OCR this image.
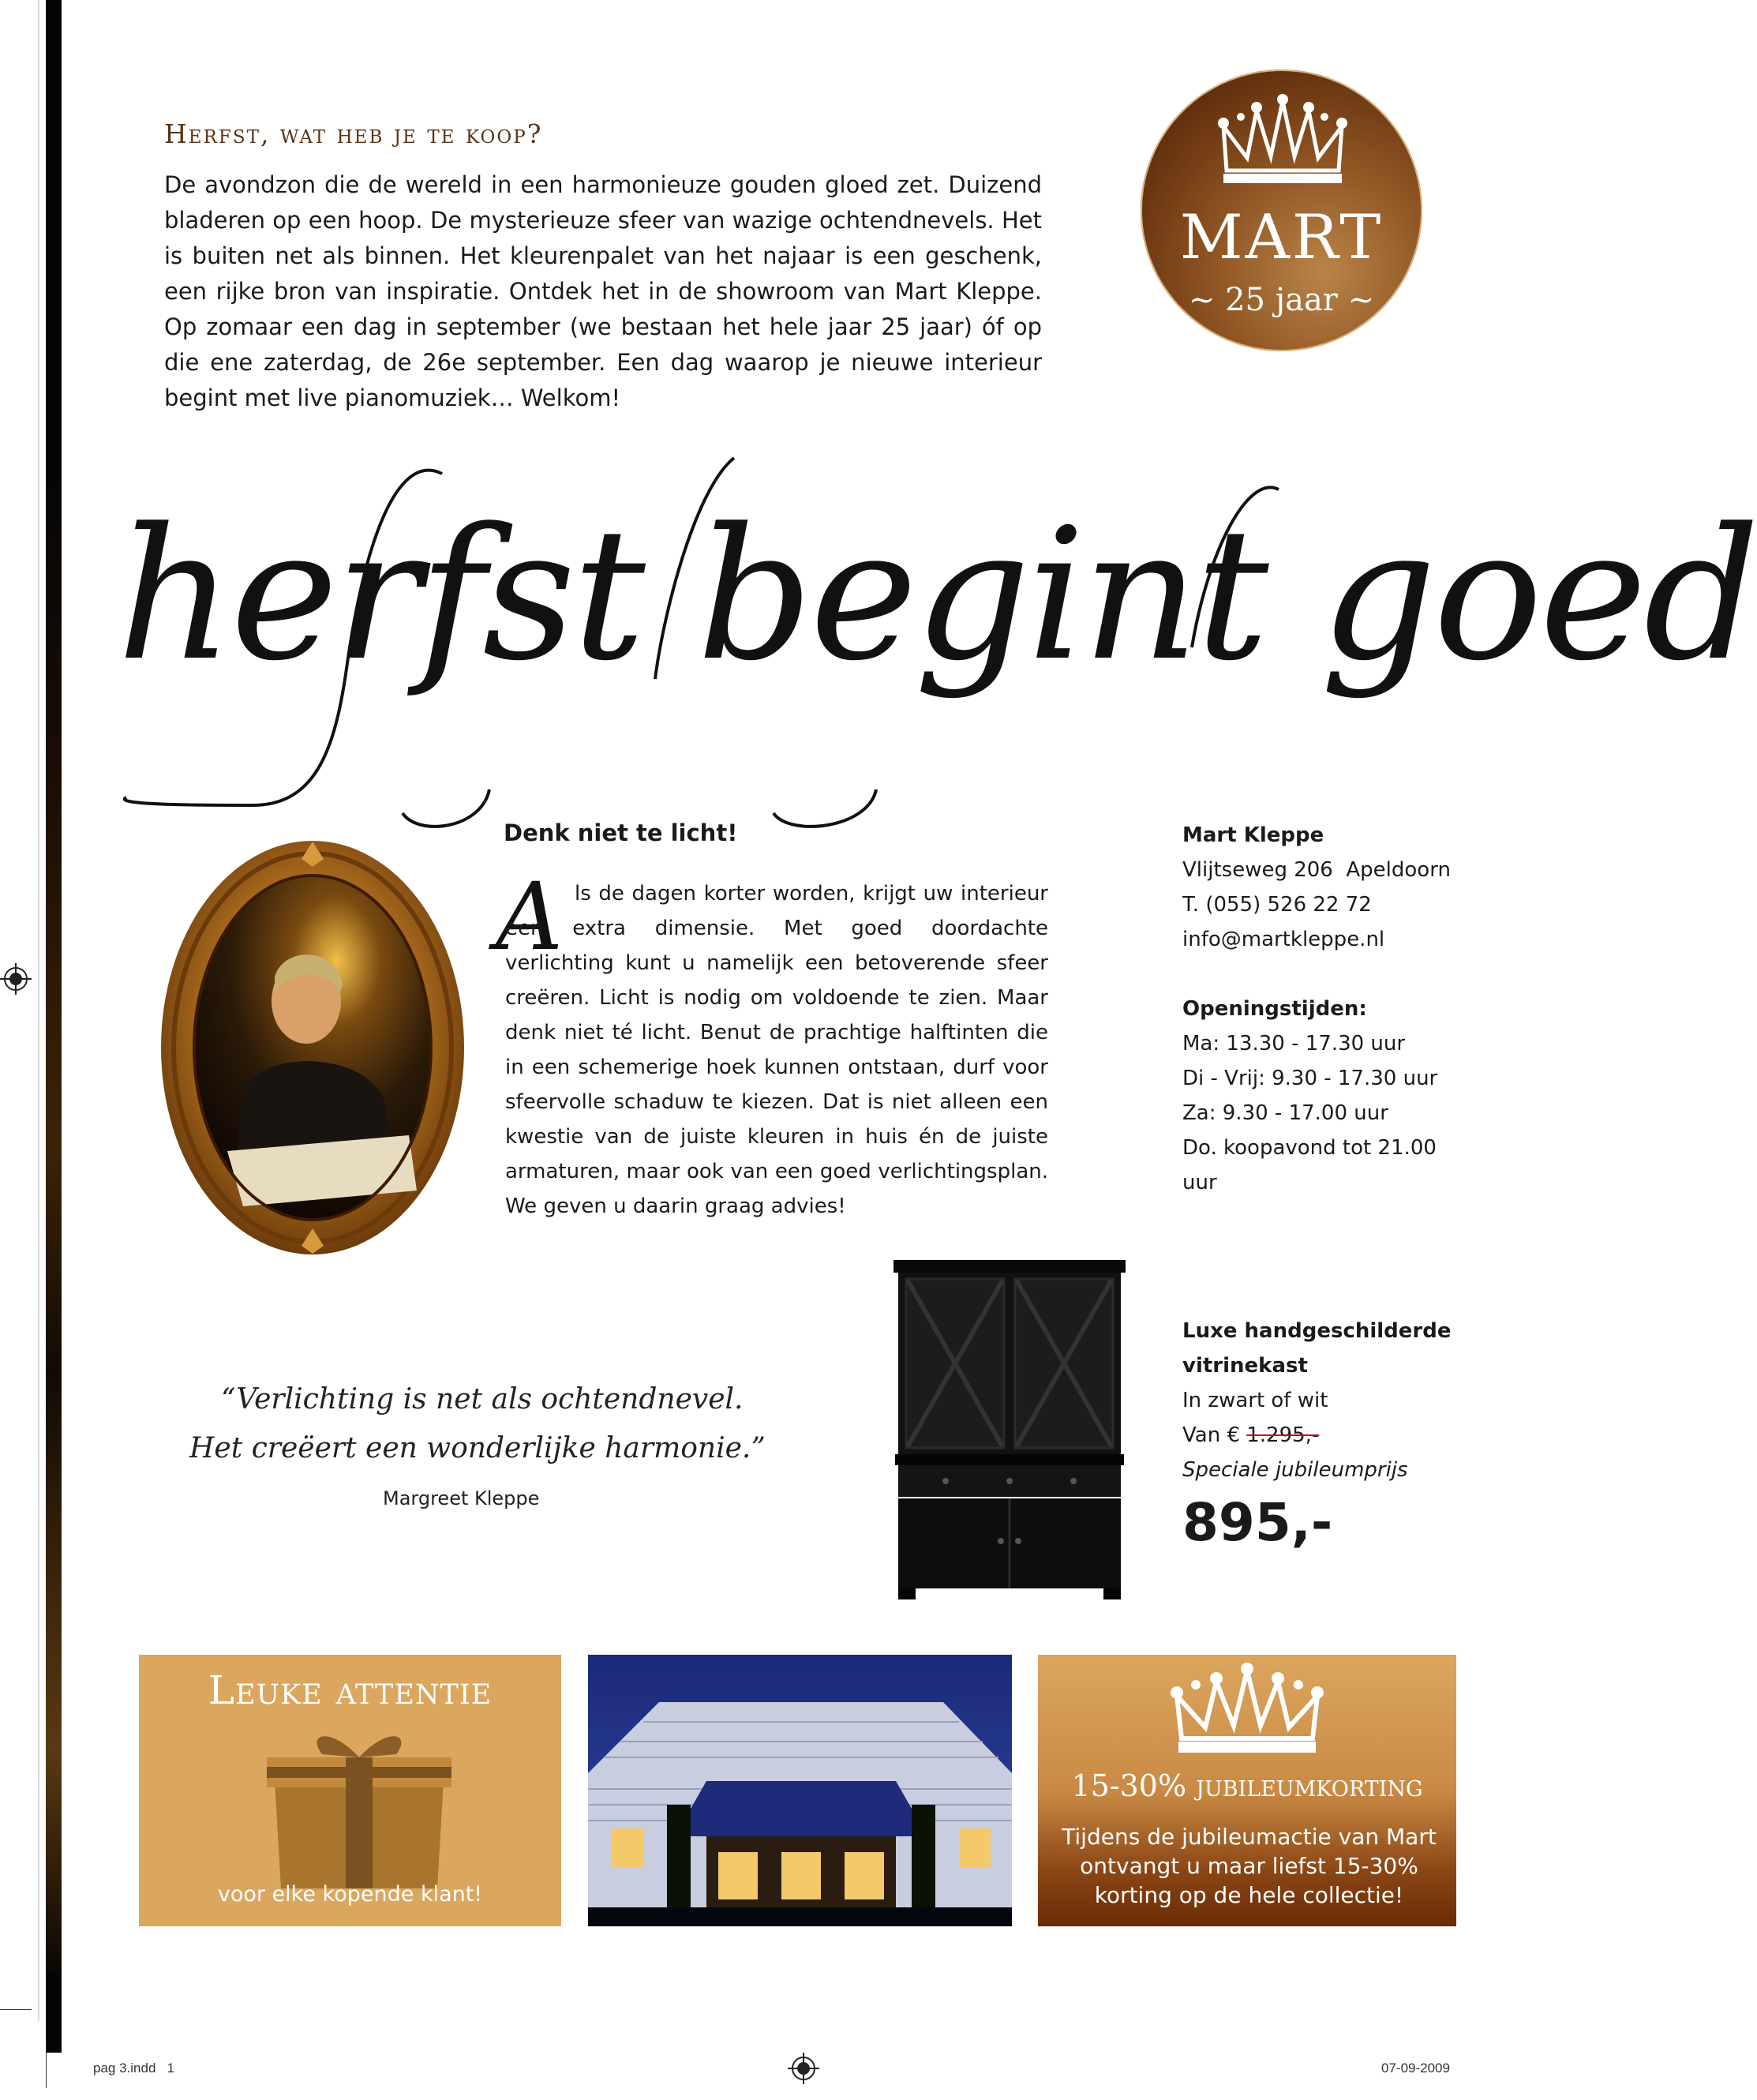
Herfst, wat heb je te koop?
De avondzon die de wereld in een harmonieuze gouden gloed zet. Duizend bladeren op een hoop. De mysterieuze sfeer van wazige ochtendnevels. Het is buiten net als binnen. Het kleurenpalet van het najaar is een geschenk, een rijke bron van inspiratie. Ontdek het in de showroom van Mart Kleppe. Op zomaar een dag in september (we bestaan het hele jaar 25 jaar) óf op die ene zaterdag, de 26e september. Een dag waarop je nieuwe interieur begint met live pianomuziek… Welkom!
MART
~ 25 jaar ~
herfst begint goed
Denk niet te licht!
A ls de dagen korter worden, krijgt uw interieur een extra dimensie. Met goed doordachte verlichting kunt u namelijk een betoverende sfeer creëren. Licht is nodig om voldoende te zien. Maar denk niet té licht. Benut de prachtige halftinten die in een schemerige hoek kunnen ontstaan, durf voor sfeervolle schaduw te kiezen. Dat is niet alleen een kwestie van de juiste kleuren in huis én de juiste armaturen, maar ook van een goed verlichtingsplan. We geven u daarin graag advies!
Mart Kleppe
Vlijtseweg 206  Apeldoorn
T. (055) 526 22 72
info@martkleppe.nl
Openingstijden:
Ma: 13.30 - 17.30 uur
Di - Vrij: 9.30 - 17.30 uur
Za: 9.30 - 17.00 uur
Do. koopavond tot 21.00 uur
“Verlichting is net als ochtendnevel.
Het creëert een wonderlijke harmonie.”
Margreet Kleppe
Luxe handgeschilderde
vitrinekast
In zwart of wit
Van € 1.295,-
Speciale jubileumprijs
895,-
Leuke attentie
voor elke kopende klant!
15-30% jubileumkorting
Tijdens de jubileumactie van Mart ontvangt u maar liefst 15-30% korting op de hele collectie!
pag 3.indd   1	07-09-2009
